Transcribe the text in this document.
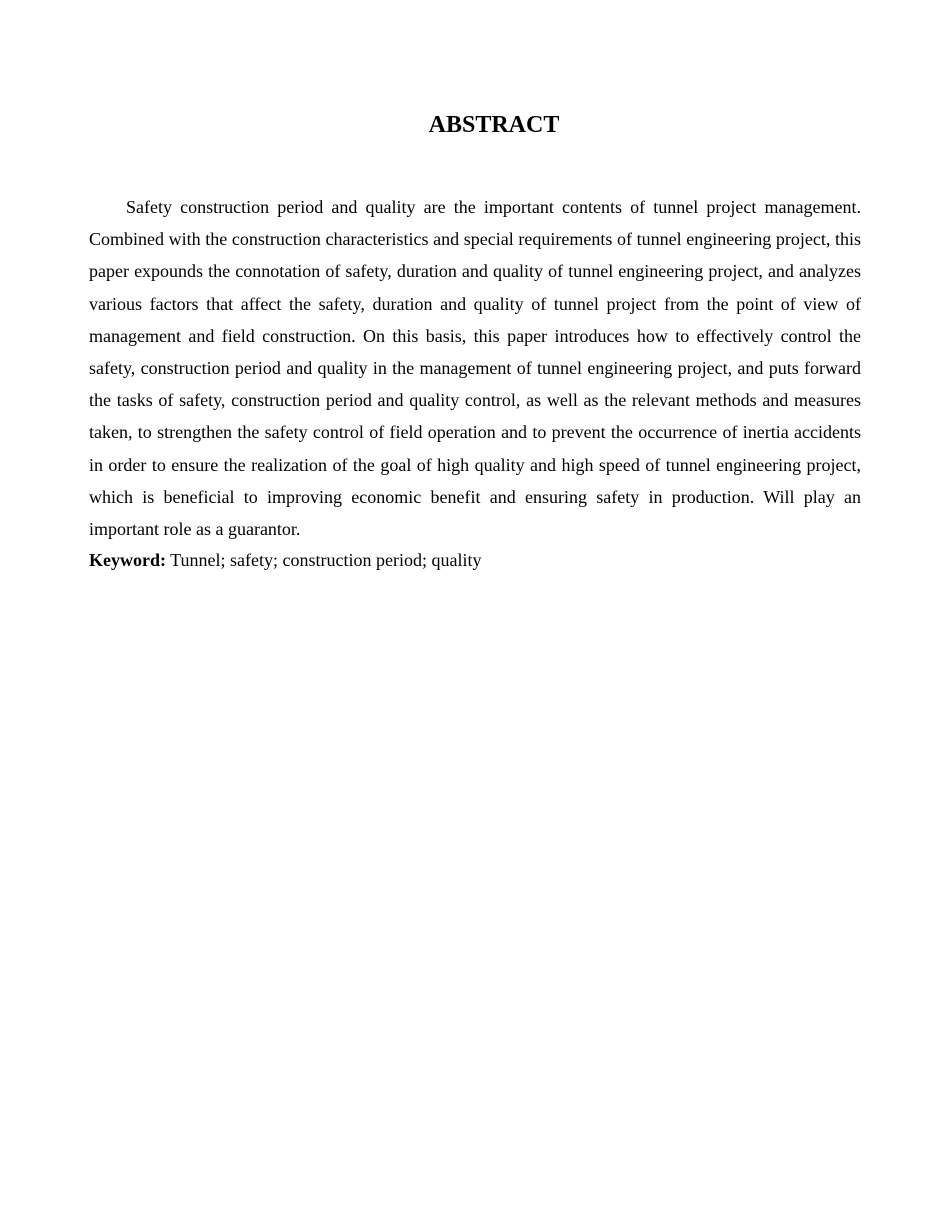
ABSTRACT

Safety construction period and quality are the important contents of tunnel project management. Combined with the construction characteristics and special requirements of tunnel engineering project, this paper expounds the connotation of safety, duration and quality of tunnel engineering project, and analyzes various factors that affect the safety, duration and quality of tunnel project from the point of view of management and field construction. On this basis, this paper introduces how to effectively control the safety, construction period and quality in the management of tunnel engineering project, and puts forward the tasks of safety, construction period and quality control, as well as the relevant methods and measures taken, to strengthen the safety control of field operation and to prevent the occurrence of inertia accidents in order to ensure the realization of the goal of high quality and high speed of tunnel engineering project, which is beneficial to improving economic benefit and ensuring safety in production. Will play an important role as a guarantor.

Keyword: Tunnel; safety; construction period; quality
